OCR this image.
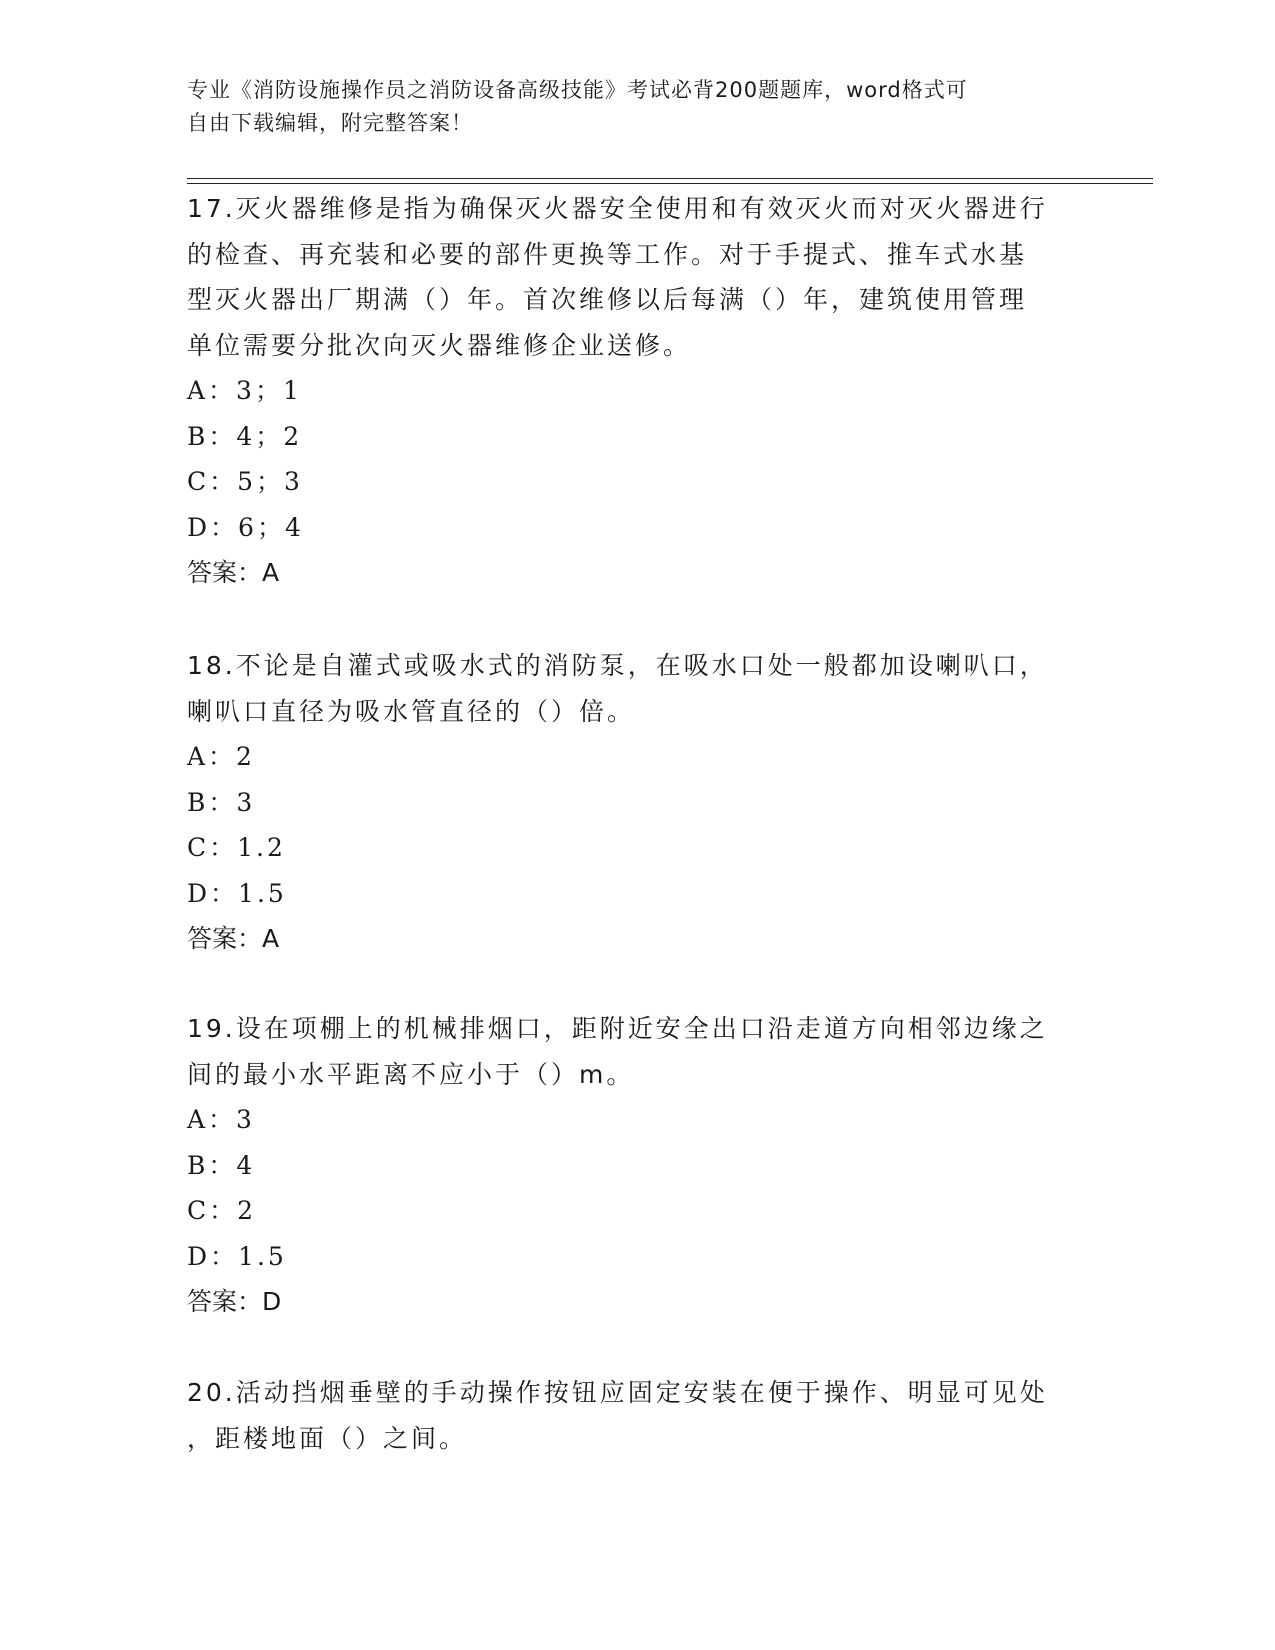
专业《消防设施操作员之消防设备高级技能》考试必背200题题库，word格式可
自由下载编辑，附完整答案！

17.灭火器维修是指为确保灭火器安全使用和有效灭火而对灭火器进行

的检查、再充装和必要的部件更换等工作。对于手提式、推车式水基

型灭火器出厂期满（）年。首次维修以后每满（）年，建筑使用管理

单位需要分批次向灭火器维修企业送修。

A：3；1

B：4；2

C：5；3

D：6；4

答案：A

18.不论是自灌式或吸水式的消防泵，在吸水口处一般都加设喇叭口，

喇叭口直径为吸水管直径的（）倍。

A：2

B：3

C：1.2

D：1.5

答案：A

19.设在项棚上的机械排烟口，距附近安全出口沿走道方向相邻边缘之

间的最小水平距离不应小于（）m。

A：3

B：4

C：2

D：1.5

答案：D

20.活动挡烟垂壁的手动操作按钮应固定安装在便于操作、明显可见处

，距楼地面（）之间。
